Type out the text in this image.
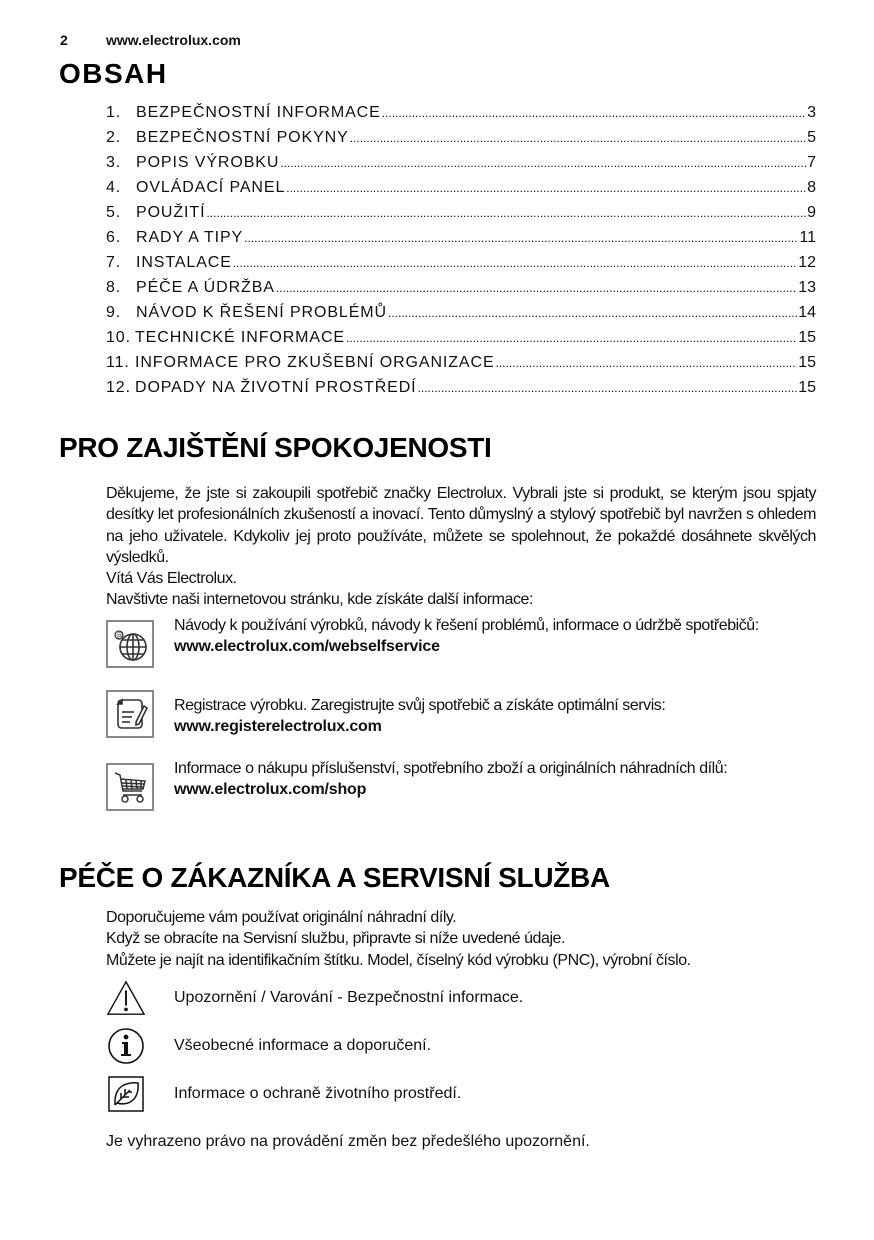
2	www.electrolux.com
OBSAH
1. BEZPEČNOSTNÍ INFORMACE .....	3
2. BEZPEČNOSTNÍ POKYNY .....	5
3. POPIS VÝROBKU .....	7
4. OVLÁDACÍ PANEL .....	8
5. POUŽITÍ .....	9
6. RADY A TIPY .....	11
7. INSTALACE .....	12
8. PÉČE A ÚDRŽBA .....	13
9. NÁVOD K ŘEŠENÍ PROBLÉMŮ .....	14
10. TECHNICKÉ INFORMACE .....	15
11. INFORMACE PRO ZKUŠEBNÍ ORGANIZACE .....	15
12. DOPADY NA ŽIVOTNÍ PROSTŘEDÍ .....	15
PRO ZAJIŠTĚNÍ SPOKOJENOSTI
Děkujeme, že jste si zakoupili spotřebič značky Electrolux. Vybrali jste si produkt, se kterým jsou spjaty desítky let profesionálních zkušeností a inovací. Tento důmyslný a stylový spotřebič byl navržen s ohledem na jeho uživatele. Kdykoliv jej proto používáte, můžete se spolehnout, že pokaždé dosáhnete skvělých výsledků.
Vítá Vás Electrolux.
Navštivte naši internetovou stránku, kde získáte další informace:
@
Návody k používání výrobků, návody k řešení problémů, informace o údržbě spotřebičů:
www.electrolux.com/webselfservice
Registrace výrobku. Zaregistrujte svůj spotřebič a získáte optimální servis:
www.registerelectrolux.com
Informace o nákupu příslušenství, spotřebního zboží a originálních náhradních dílů:
www.electrolux.com/shop
PÉČE O ZÁKAZNÍKA A SERVISNÍ SLUŽBA
Doporučujeme vám používat originální náhradní díly.
Když se obracíte na Servisní službu, připravte si níže uvedené údaje.
Můžete je najít na identifikačním štítku. Model, číselný kód výrobku (PNC), výrobní číslo.
Upozornění / Varování - Bezpečnostní informace.
Všeobecné informace a doporučení.
Informace o ochraně životního prostředí.
Je vyhrazeno právo na provádění změn bez předešlého upozornění.
